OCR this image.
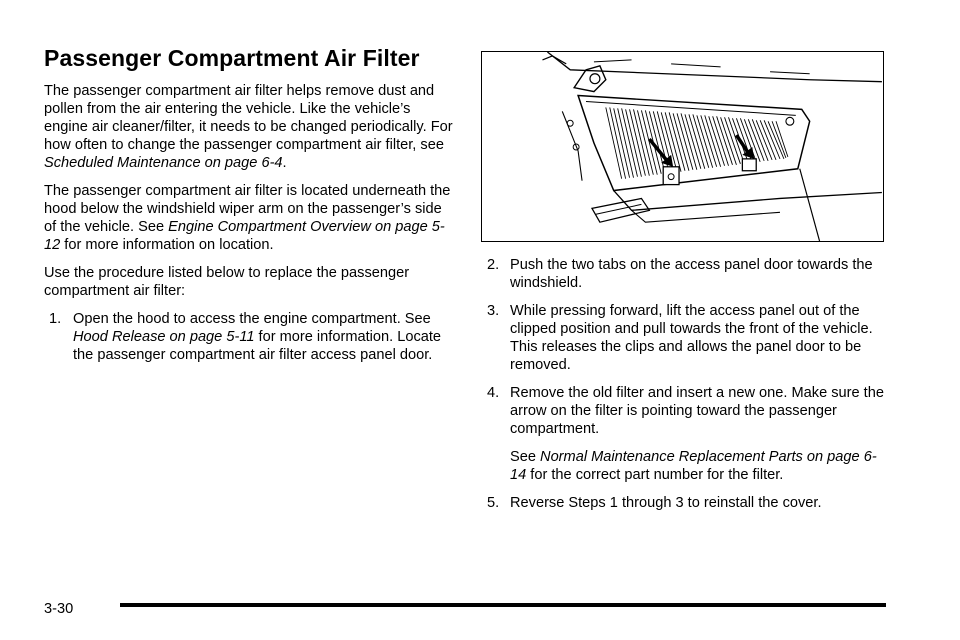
Passenger Compartment Air Filter

The passenger compartment air filter helps remove dust and pollen from the air entering the vehicle. Like the vehicle’s engine air cleaner/filter, it needs to be changed periodically. For how often to change the passenger compartment air filter, see Scheduled Maintenance on page 6-4.

The passenger compartment air filter is located underneath the hood below the windshield wiper arm on the passenger’s side of the vehicle. See Engine Compartment Overview on page 5-12 for more information on location.

Use the procedure listed below to replace the passenger compartment air filter:

1. Open the hood to access the engine compartment. See Hood Release on page 5-11 for more information. Locate the passenger compartment air filter access panel door.
2. Push the two tabs on the access panel door towards the windshield.
3. While pressing forward, lift the access panel out of the clipped position and pull towards the front of the vehicle. This releases the clips and allows the panel door to be removed.
4. Remove the old filter and insert a new one. Make sure the arrow on the filter is pointing toward the passenger compartment.

See Normal Maintenance Replacement Parts on page 6-14 for the correct part number for the filter.

5. Reverse Steps 1 through 3 to reinstall the cover.
3-30
